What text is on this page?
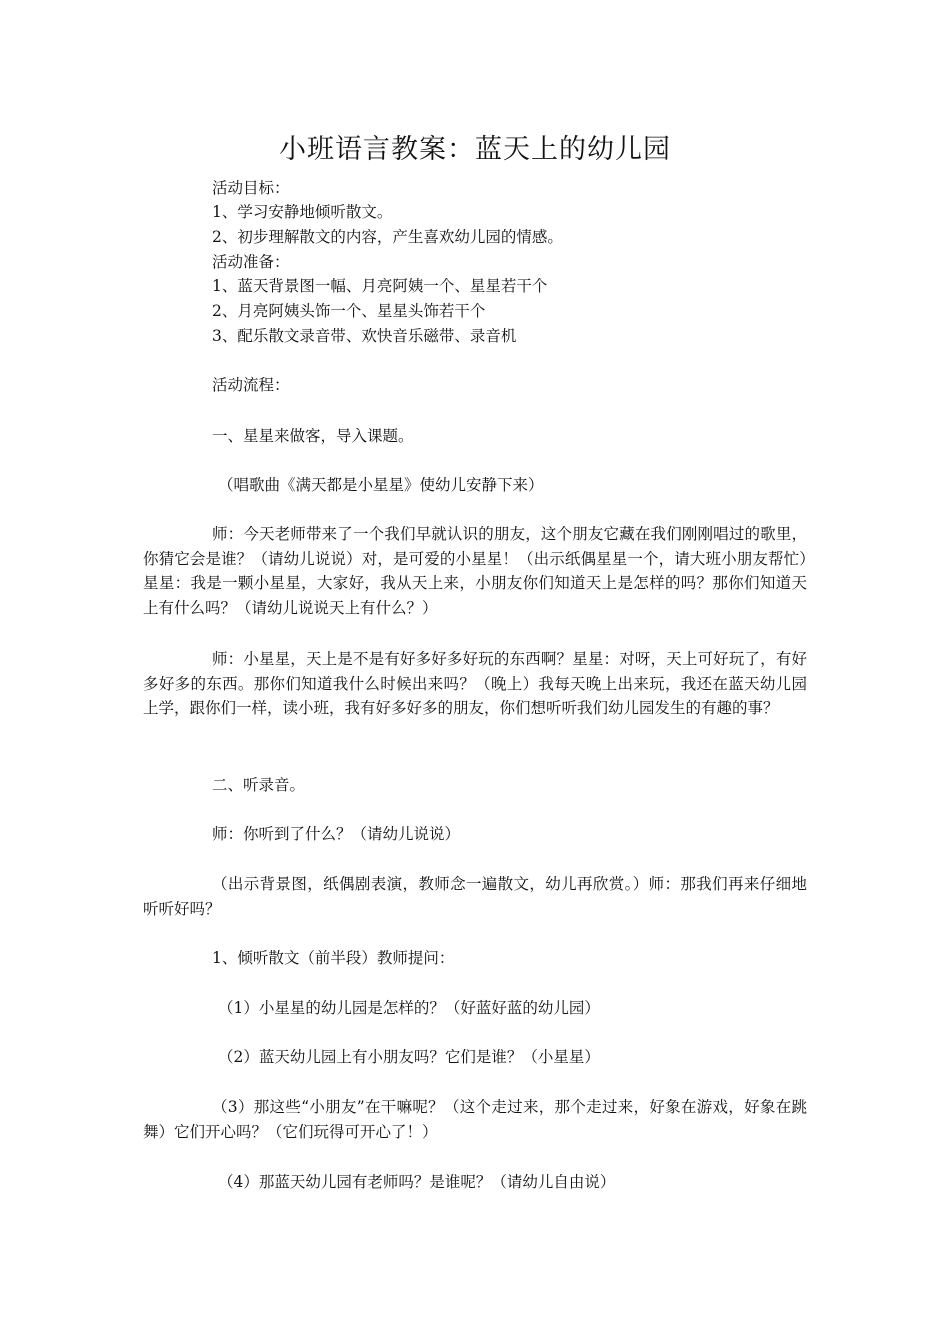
小班语言教案：蓝天上的幼儿园
活动目标：
1、学习安静地倾听散文。
2、初步理解散文的内容，产生喜欢幼儿园的情感。
活动准备：
1、蓝天背景图一幅、月亮阿姨一个、星星若干个
2、月亮阿姨头饰一个、星星头饰若干个
3、配乐散文录音带、欢快音乐磁带、录音机
活动流程：
一、星星来做客，导入课题。
（唱歌曲《满天都是小星星》使幼儿安静下来）
师：今天老师带来了一个我们早就认识的朋友，这个朋友它藏在我们刚刚唱过的歌里，你猜它会是谁？（请幼儿说说）对，是可爱的小星星！（出示纸偶星星一个，请大班小朋友帮忙）星星：我是一颗小星星，大家好，我从天上来，小朋友你们知道天上是怎样的吗？那你们知道天上有什么吗？（请幼儿说说天上有什么？）
师：小星星，天上是不是有好多好多好玩的东西啊？星星：对呀，天上可好玩了，有好多好多的东西。那你们知道我什么时候出来吗？（晚上）我每天晚上出来玩，我还在蓝天幼儿园上学，跟你们一样，读小班，我有好多好多的朋友，你们想听听我们幼儿园发生的有趣的事？
二、听录音。
师：你听到了什么？（请幼儿说说）
（出示背景图，纸偶剧表演，教师念一遍散文，幼儿再欣赏。）师：那我们再来仔细地听听好吗？
1、倾听散文（前半段）教师提问：
（1）小星星的幼儿园是怎样的？（好蓝好蓝的幼儿园）
（2）蓝天幼儿园上有小朋友吗？它们是谁？（小星星）
（3）那这些“小朋友”在干嘛呢？（这个走过来，那个走过来，好象在游戏，好象在跳舞）它们开心吗？（它们玩得可开心了！）
（4）那蓝天幼儿园有老师吗？是谁呢？（请幼儿自由说）
